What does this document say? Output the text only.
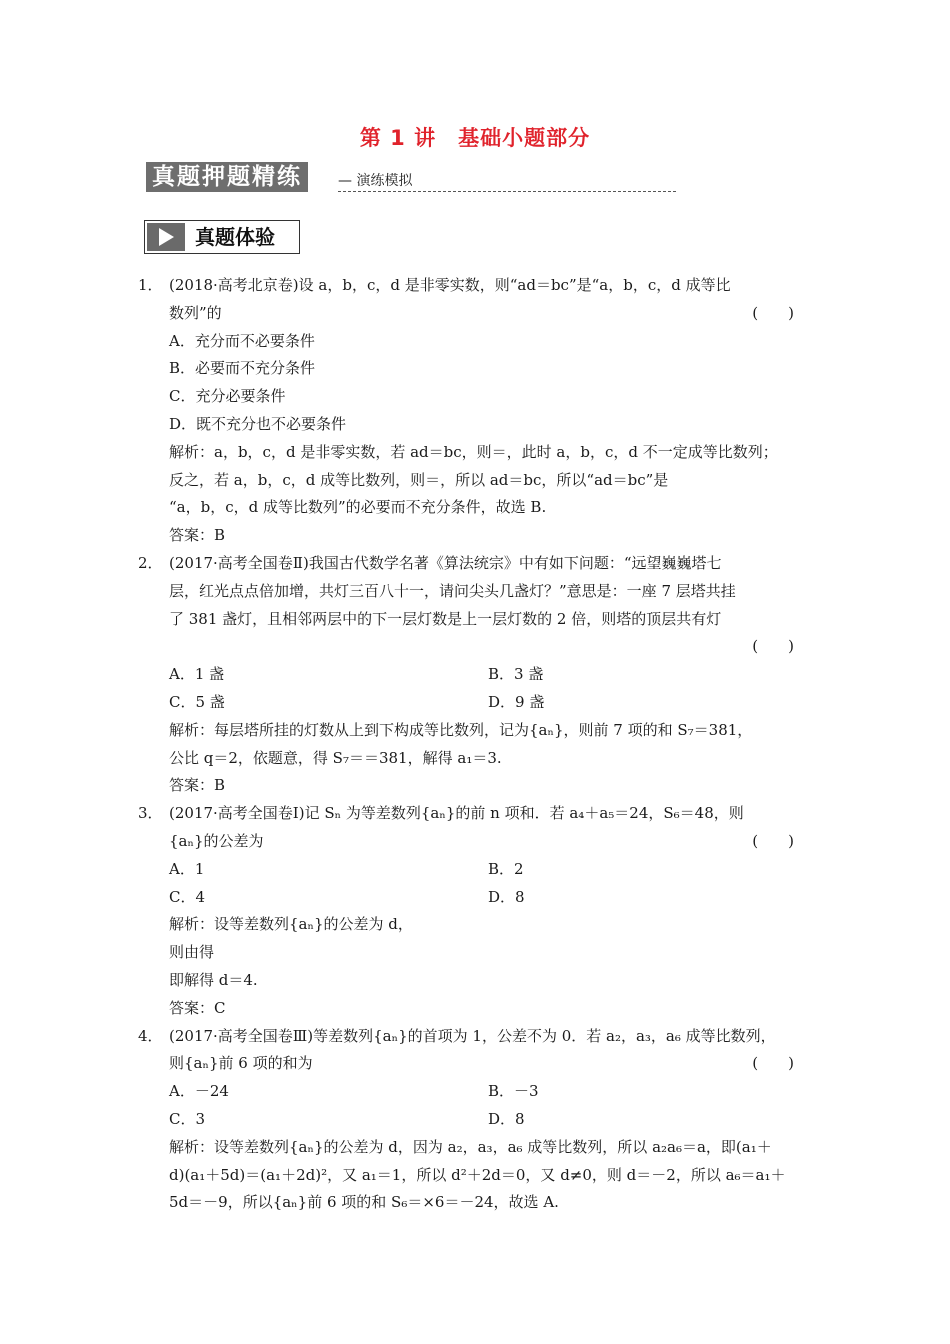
第 1 讲　基础小题部分
真题押题精练	— 演练模拟
真题体验
1． (2018·高考北京卷)设 a，b，c，d 是非零实数，则“ad＝bc”是“a，b，c，d 成等比
数列”的	(　　)
A．充分而不必要条件
B．必要而不充分条件
C．充分必要条件
D．既不充分也不必要条件
解析：a，b，c，d 是非零实数，若 ad＝bc，则＝，此时 a，b，c，d 不一定成等比数列；
反之，若 a，b，c，d 成等比数列，则＝，所以 ad＝bc，所以“ad＝bc”是
“a，b，c，d 成等比数列”的必要而不充分条件，故选 B.
答案：B
2． (2017·高考全国卷Ⅱ)我国古代数学名著《算法统宗》中有如下问题：“远望巍巍塔七
层，红光点点倍加增，共灯三百八十一，请问尖头几盏灯？”意思是：一座 7 层塔共挂
了 381 盏灯，且相邻两层中的下一层灯数是上一层灯数的 2 倍，则塔的顶层共有灯
(　　)
A．1 盏	B．3 盏
C．5 盏	D．9 盏
解析：每层塔所挂的灯数从上到下构成等比数列，记为{aₙ}，则前 7 项的和 S₇＝381，
公比 q＝2，依题意，得 S₇＝＝381，解得 a₁＝3.
答案：B
3． (2017·高考全国卷Ⅰ)记 Sₙ 为等差数列{aₙ}的前 n 项和．若 a₄＋a₅＝24，S₆＝48，则
{aₙ}的公差为	(　　)
A．1	B．2
C．4	D．8
解析：设等差数列{aₙ}的公差为 d，
则由得
即解得 d＝4.
答案：C
4． (2017·高考全国卷Ⅲ)等差数列{aₙ}的首项为 1，公差不为 0．若 a₂，a₃，a₆ 成等比数列，
则{aₙ}前 6 项的和为	(　　)
A．－24	B．－3
C．3	D．8
解析：设等差数列{aₙ}的公差为 d，因为 a₂，a₃，a₆ 成等比数列，所以 a₂a₆＝a，即(a₁＋
d)(a₁＋5d)＝(a₁＋2d)²，又 a₁＝1，所以 d²＋2d＝0，又 d≠0，则 d＝－2，所以 a₆＝a₁＋
5d＝－9，所以{aₙ}前 6 项的和 S₆＝×6＝－24，故选 A.
